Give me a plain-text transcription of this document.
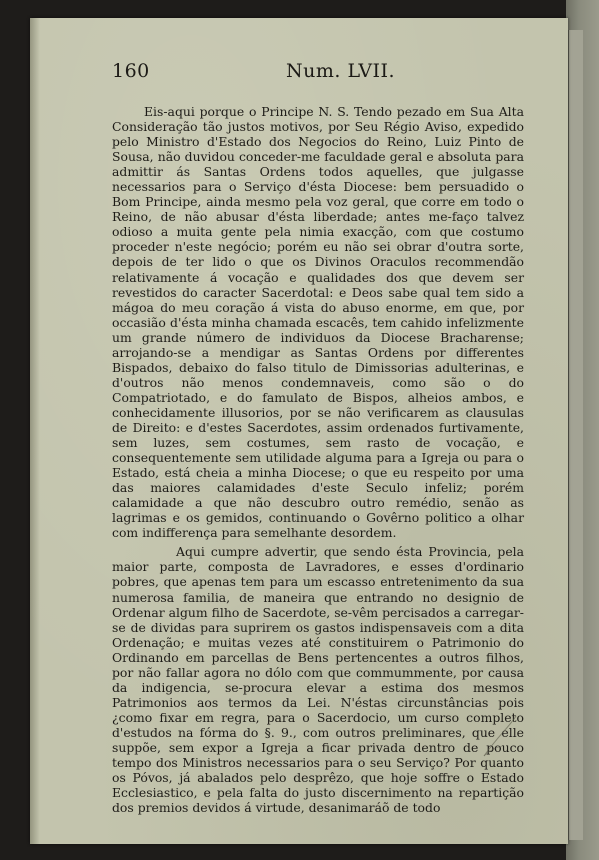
160	Num. LVII.

Eis-aqui porque o Principe N. S. Tendo pezado em Sua Alta Consideração tão justos motivos, por Seu Régio Aviso, expedido pelo Ministro d'Estado dos Negocios do Reino, Luiz Pinto de Sousa, não duvidou conceder-me faculdade geral e absoluta para admittir ás Santas Ordens todos aquelles, que julgasse necessarios para o Serviço d'ésta Diocese: bem persuadido o Bom Principe, ainda mesmo pela voz geral, que corre em todo o Reino, de não abusar d'ésta liberdade; antes me-faço talvez odioso a muita gente pela nimia exacção, com que costumo proceder n'este negócio; porém eu não sei obrar d'outra sorte, depois de ter lido o que os Divinos Oraculos recommendão relativamente á vocação e qualidades dos que devem ser revestidos do caracter Sacerdotal: e Deos sabe qual tem sido a mágoa do meu coração á vista do abuso enorme, em que, por occasião d'ésta minha chamada escacês, tem cahido infelizmente um grande número de individuos da Diocese Bracharense; arrojando-se a mendigar as Santas Ordens por differentes Bispados, debaixo do falso titulo de Dimissorias adulterinas, e d'outros não menos condemnaveis, como são o do Compatriotado, e do famulato de Bispos, alheios ambos, e conhecidamente illusorios, por se não verificarem as clausulas de Direito: e d'estes Sacerdotes, assim ordenados furtivamente, sem luzes, sem costumes, sem rasto de vocação, e consequentemente sem utilidade alguma para a Igreja ou para o Estado, está cheia a minha Diocese; o que eu respeito por uma das maiores calamidades d'este Seculo infeliz; porém calamidade a que não descubro outro remédio, senão as lagrimas e os gemidos, continuando o Govêrno politico a olhar com indifferença para semelhante desordem.

Aqui cumpre advertir, que sendo ésta Provincia, pela maior parte, composta de Lavradores, e esses d'ordinario pobres, que apenas tem para um escasso entretenimento da sua numerosa familia, de maneira que entrando no designio de Ordenar algum filho de Sacerdote, se-vêm percisados a carregar-se de dividas para suprirem os gastos indispensaveis com a dita Ordenação; e muitas vezes até constituirem o Patrimonio do Ordinando em parcellas de Bens pertencentes a outros filhos, por não fallar agora no dólo com que commummente, por causa da indigencia, se-procura elevar a estima dos mesmos Patrimonios aos termos da Lei. N'éstas circunstâncias pois ¿como fixar em regra, para o Sacerdocio, um curso completo d'estudos na fórma do §. 9., com outros preliminares, que elle suppõe, sem expor a Igreja a ficar privada dentro de pouco tempo dos Ministros necessarios para o seu Serviço? Por quanto os Póvos, já abalados pelo desprêzo, que hoje soffre o Estado Ecclesiastico, e pela falta do justo discernimento na repartição dos premios devidos á virtude, desanimaráõ de todo
